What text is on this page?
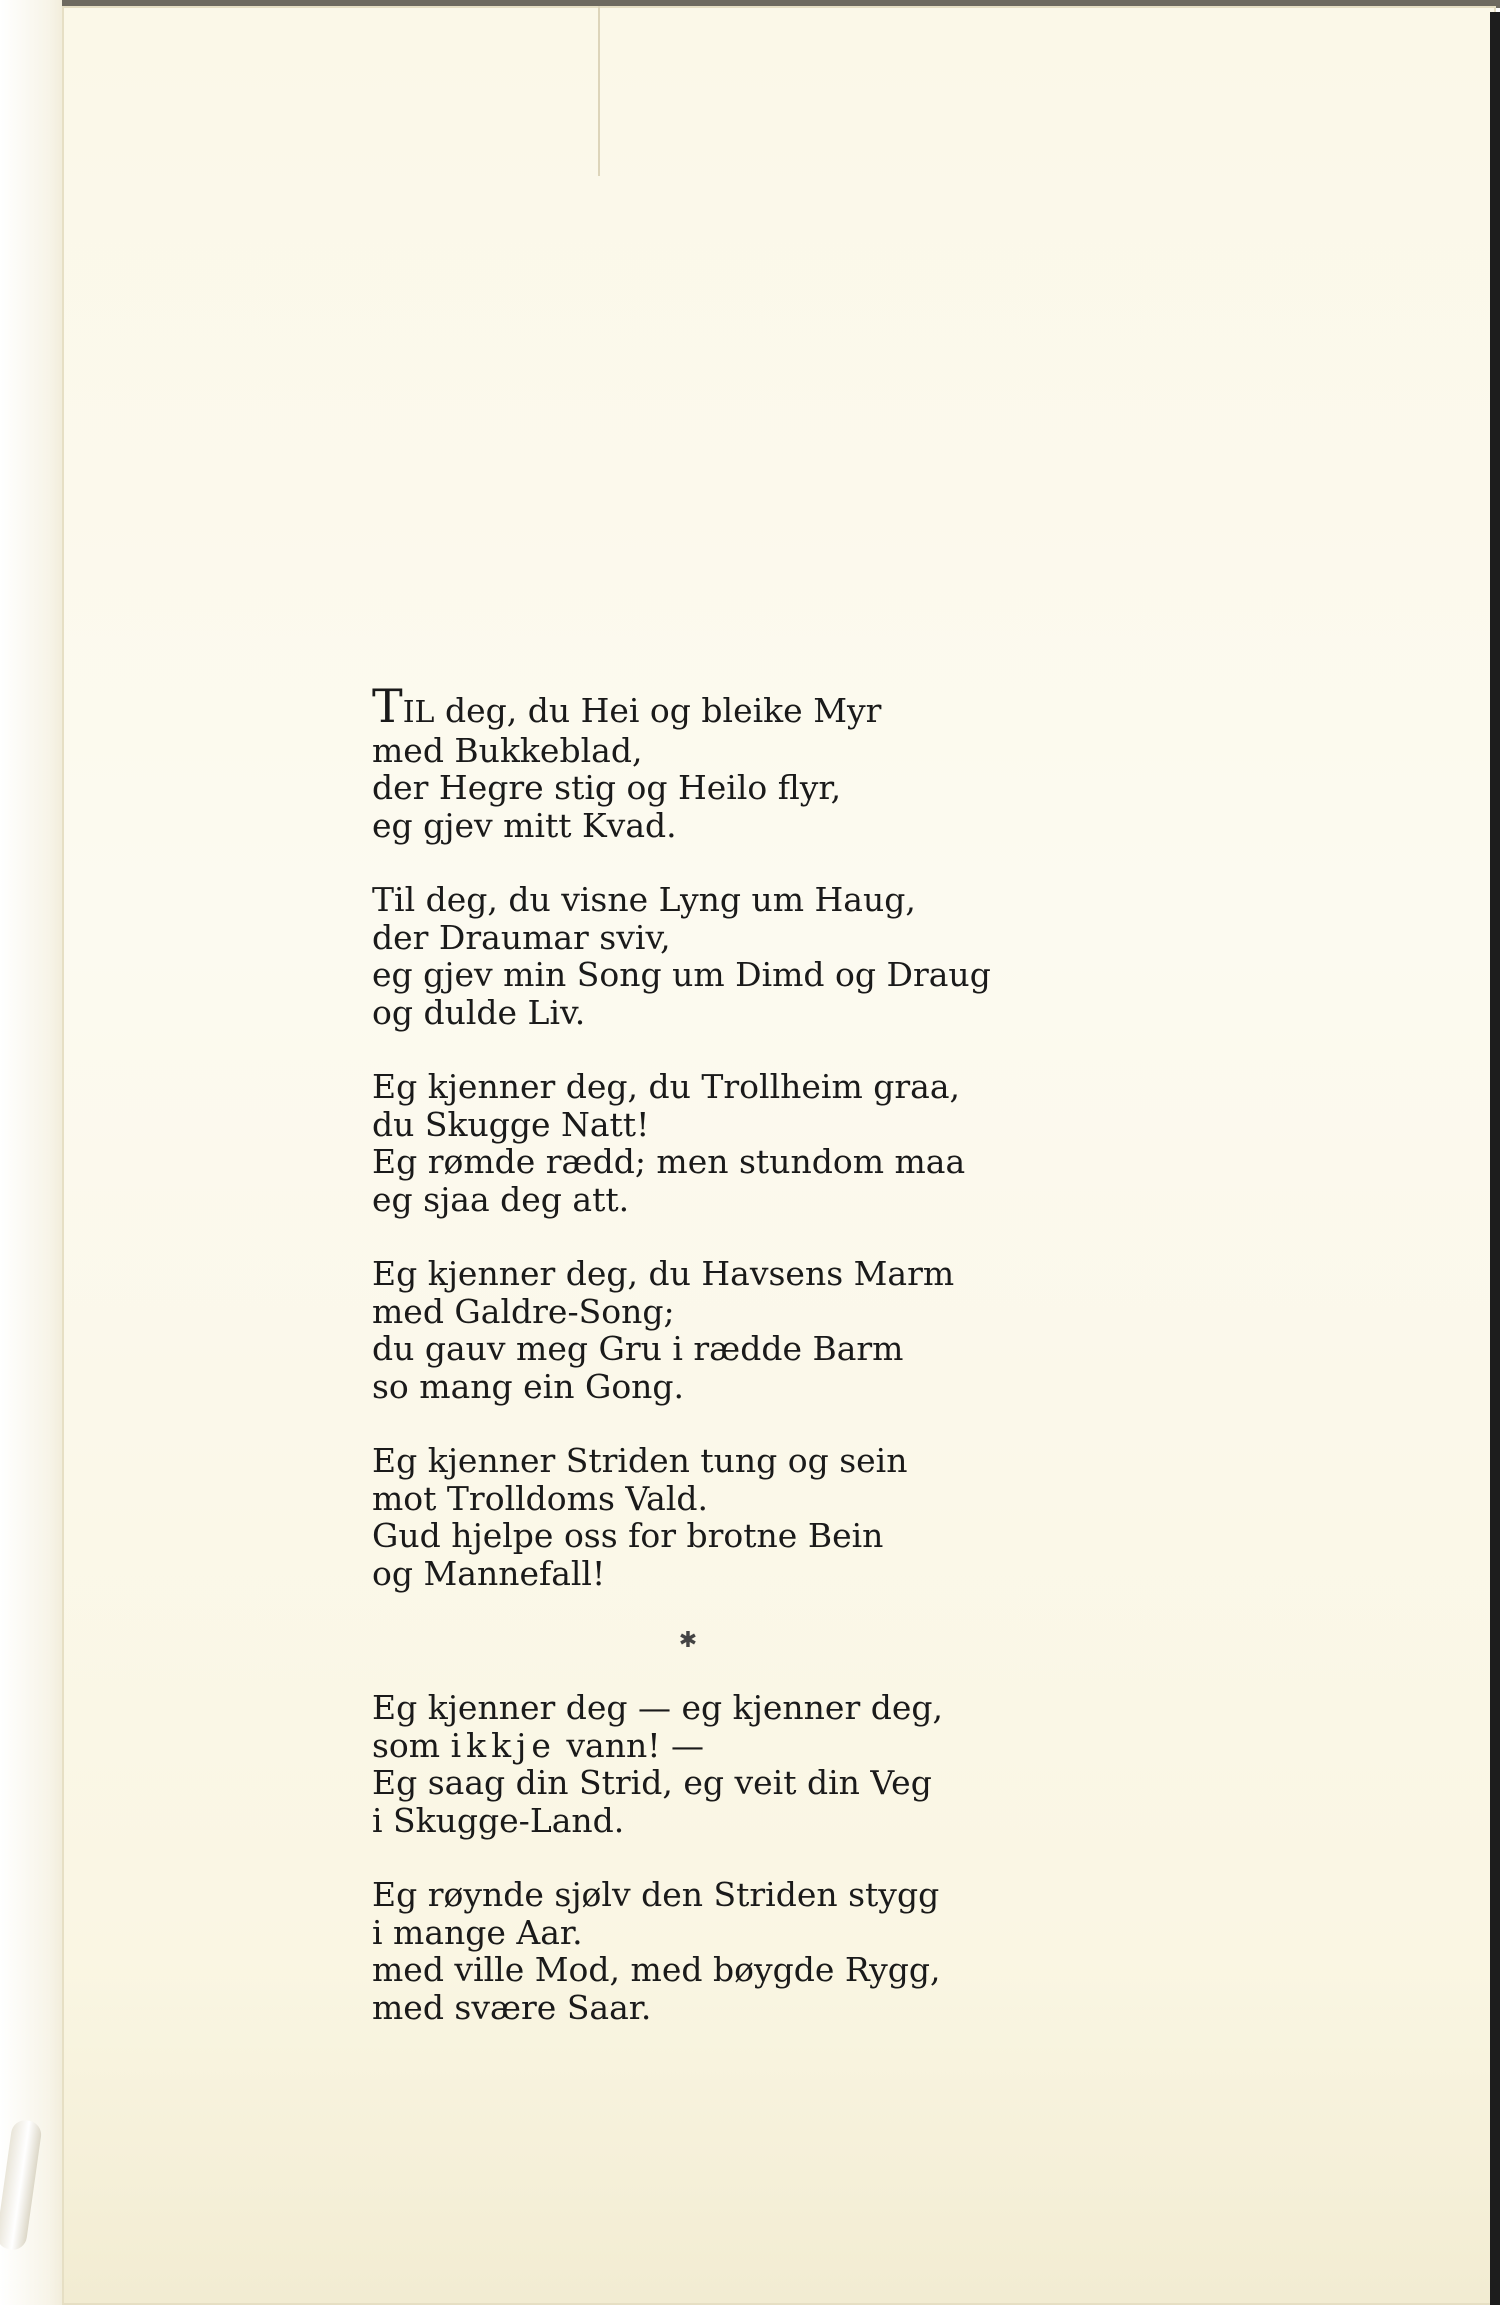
TIL deg, du Hei og bleike Myr
med Bukkeblad,
der Hegre stig og Heilo flyr,
eg gjev mitt Kvad.
Til deg, du visne Lyng um Haug,
der Draumar sviv,
eg gjev min Song um Dimd og Draug
og dulde Liv.
Eg kjenner deg, du Trollheim graa,
du Skugge Natt!
Eg rømde rædd; men stundom maa
eg sjaa deg att.
Eg kjenner deg, du Havsens Marm
med Galdre-Song;
du gauv meg Gru i rædde Barm
so mang ein Gong.
Eg kjenner Striden tung og sein
mot Trolldoms Vald.
Gud hjelpe oss for brotne Bein
og Mannefall!
✱
Eg kjenner deg — eg kjenner deg,
som ikkje vann! —
Eg saag din Strid, eg veit din Veg
i Skugge-Land.
Eg røynde sjølv den Striden stygg
i mange Aar.
med ville Mod, med bøygde Rygg,
med svære Saar.
